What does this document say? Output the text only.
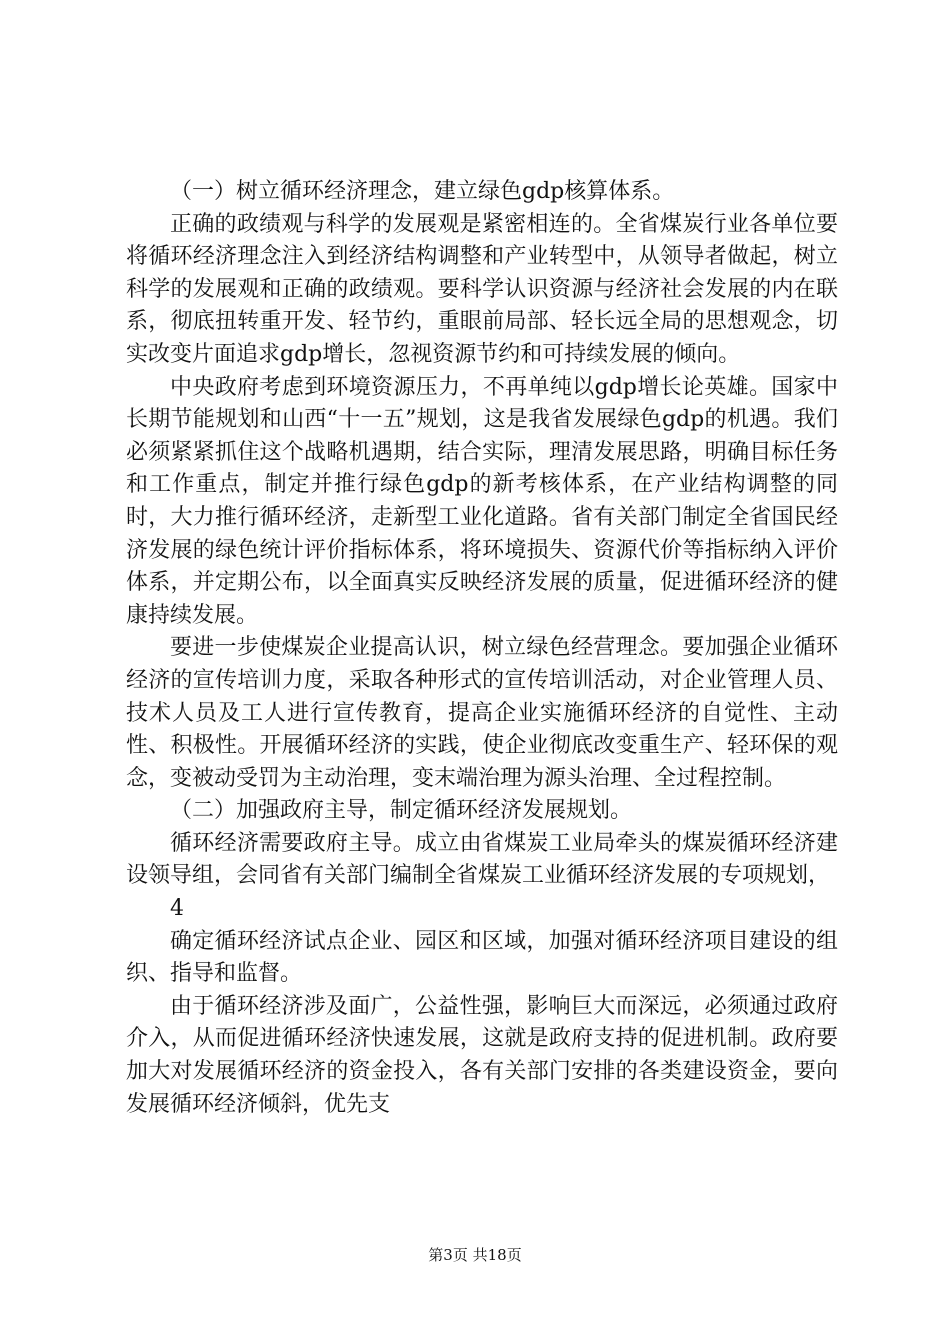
（一）树立循环经济理念，建立绿色gdp核算体系。

正确的政绩观与科学的发展观是紧密相连的。全省煤炭行业各单位要将循环经济理念注入到经济结构调整和产业转型中，从领导者做起，树立科学的发展观和正确的政绩观。要科学认识资源与经济社会发展的内在联系，彻底扭转重开发、轻节约，重眼前局部、轻长远全局的思想观念，切实改变片面追求gdp增长，忽视资源节约和可持续发展的倾向。

中央政府考虑到环境资源压力，不再单纯以gdp增长论英雄。国家中长期节能规划和山西“十一五”规划，这是我省发展绿色gdp的机遇。我们必须紧紧抓住这个战略机遇期，结合实际，理清发展思路，明确目标任务和工作重点，制定并推行绿色gdp的新考核体系，在产业结构调整的同时，大力推行循环经济，走新型工业化道路。省有关部门制定全省国民经济发展的绿色统计评价指标体系，将环境损失、资源代价等指标纳入评价体系，并定期公布，以全面真实反映经济发展的质量，促进循环经济的健康持续发展。

要进一步使煤炭企业提高认识，树立绿色经营理念。要加强企业循环经济的宣传培训力度，采取各种形式的宣传培训活动，对企业管理人员、技术人员及工人进行宣传教育，提高企业实施循环经济的自觉性、主动性、积极性。开展循环经济的实践，使企业彻底改变重生产、轻环保的观念，变被动受罚为主动治理，变末端治理为源头治理、全过程控制。

（二）加强政府主导，制定循环经济发展规划。

循环经济需要政府主导。成立由省煤炭工业局牵头的煤炭循环经济建设领导组，会同省有关部门编制全省煤炭工业循环经济发展的专项规划，

4

确定循环经济试点企业、园区和区域，加强对循环经济项目建设的组织、指导和监督。

由于循环经济涉及面广，公益性强，影响巨大而深远，必须通过政府介入，从而促进循环经济快速发展，这就是政府支持的促进机制。政府要加大对发展循环经济的资金投入，各有关部门安排的各类建设资金，要向发展循环经济倾斜，优先支

第3页 共18页
